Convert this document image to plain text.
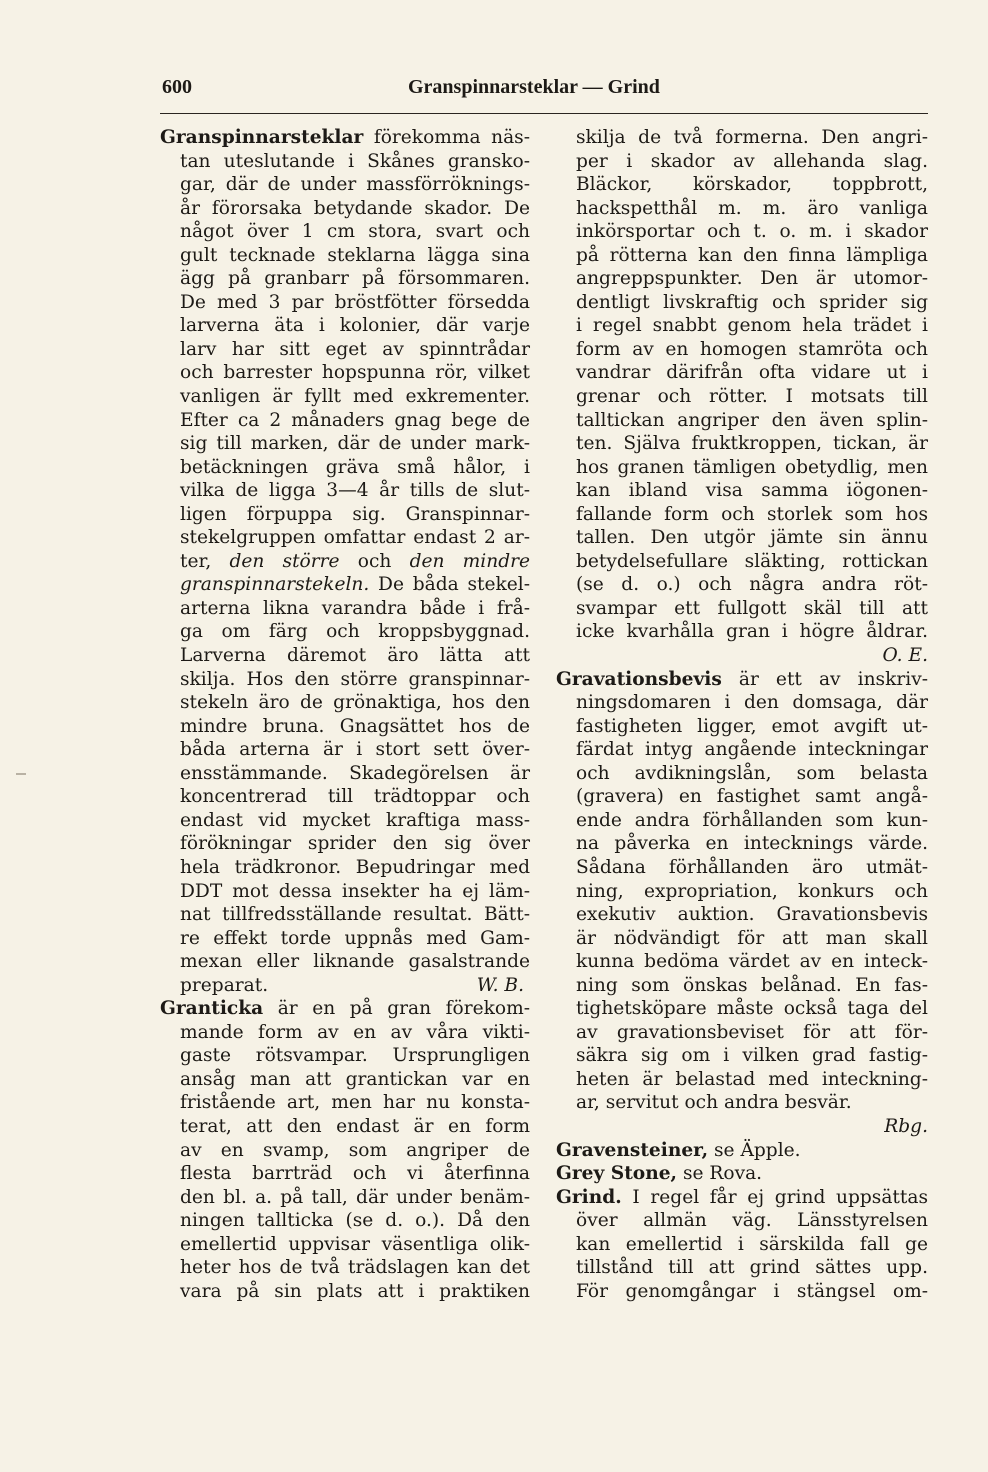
600	Granspinnarsteklar — Grind
Granspinnarsteklar förekomma näs-
tan uteslutande i Skånes gransko-
gar, där de under massförröknings-
år förorsaka betydande skador. De
något över 1 cm stora, svart och
gult tecknade steklarna lägga sina
ägg på granbarr på försommaren.
De med 3 par bröstfötter försedda
larverna äta i kolonier, där varje
larv har sitt eget av spinntrådar
och barrester hopspunna rör, vilket
vanligen är fyllt med exkrementer.
Efter ca 2 månaders gnag bege de
sig till marken, där de under mark-
betäckningen gräva små hålor, i
vilka de ligga 3—4 år tills de slut-
ligen förpuppa sig. Granspinnar-
stekelgruppen omfattar endast 2 ar-
ter, den större och den mindre
granspinnarstekeln. De båda stekel-
arterna likna varandra både i frå-
ga om färg och kroppsbyggnad.
Larverna däremot äro lätta att
skilja. Hos den större granspinnar-
stekeln äro de grönaktiga, hos den
mindre bruna. Gnagsättet hos de
båda arterna är i stort sett över-
ensstämmande. Skadegörelsen är
koncentrerad till trädtoppar och
endast vid mycket kraftiga mass-
förökningar sprider den sig över
hela trädkronor. Bepudringar med
DDT mot dessa insekter ha ej läm-
nat tillfredsställande resultat. Bätt-
re effekt torde uppnås med Gam-
mexan eller liknande gasalstrande
preparat.	W. B.
Granticka är en på gran förekom-
mande form av en av våra vikti-
gaste rötsvampar. Ursprungligen
ansåg man att grantickan var en
fristående art, men har nu konsta-
terat, att den endast är en form
av en svamp, som angriper de
flesta barrträd och vi återfinna
den bl. a. på tall, där under benäm-
ningen tallticka (se d. o.). Då den
emellertid uppvisar väsentliga olik-
heter hos de två trädslagen kan det
vara på sin plats att i praktiken
skilja de två formerna. Den angri-
per i skador av allehanda slag.
Bläckor, körskador, toppbrott,
hackspetthål m. m. äro vanliga
inkörsportar och t. o. m. i skador
på rötterna kan den finna lämpliga
angreppspunkter. Den är utomor-
dentligt livskraftig och sprider sig
i regel snabbt genom hela trädet i
form av en homogen stamröta och
vandrar därifrån ofta vidare ut i
grenar och rötter. I motsats till
talltickan angriper den även splin-
ten. Själva fruktkroppen, tickan, är
hos granen tämligen obetydlig, men
kan ibland visa samma iögonen-
fallande form och storlek som hos
tallen. Den utgör jämte sin ännu
betydelsefullare släkting, rottickan
(se d. o.) och några andra röt-
svampar ett fullgott skäl till att
icke kvarhålla gran i högre åldrar.
O. E.
Gravationsbevis är ett av inskriv-
ningsdomaren i den domsaga, där
fastigheten ligger, emot avgift ut-
färdat intyg angående inteckningar
och avdikningslån, som belasta
(gravera) en fastighet samt angå-
ende andra förhållanden som kun-
na påverka en intecknings värde.
Sådana förhållanden äro utmät-
ning, expropriation, konkurs och
exekutiv auktion. Gravationsbevis
är nödvändigt för att man skall
kunna bedöma värdet av en inteck-
ning som önskas belånad. En fas-
tighetsköpare måste också taga del
av gravationsbeviset för att för-
säkra sig om i vilken grad fastig-
heten är belastad med inteckning-
ar, servitut och andra besvär.
Rbg.
Gravensteiner, se Äpple.
Grey Stone, se Rova.
Grind. I regel får ej grind uppsättas
över allmän väg. Länsstyrelsen
kan emellertid i särskilda fall ge
tillstånd till att grind sättes upp.
För genomgångar i stängsel om-
